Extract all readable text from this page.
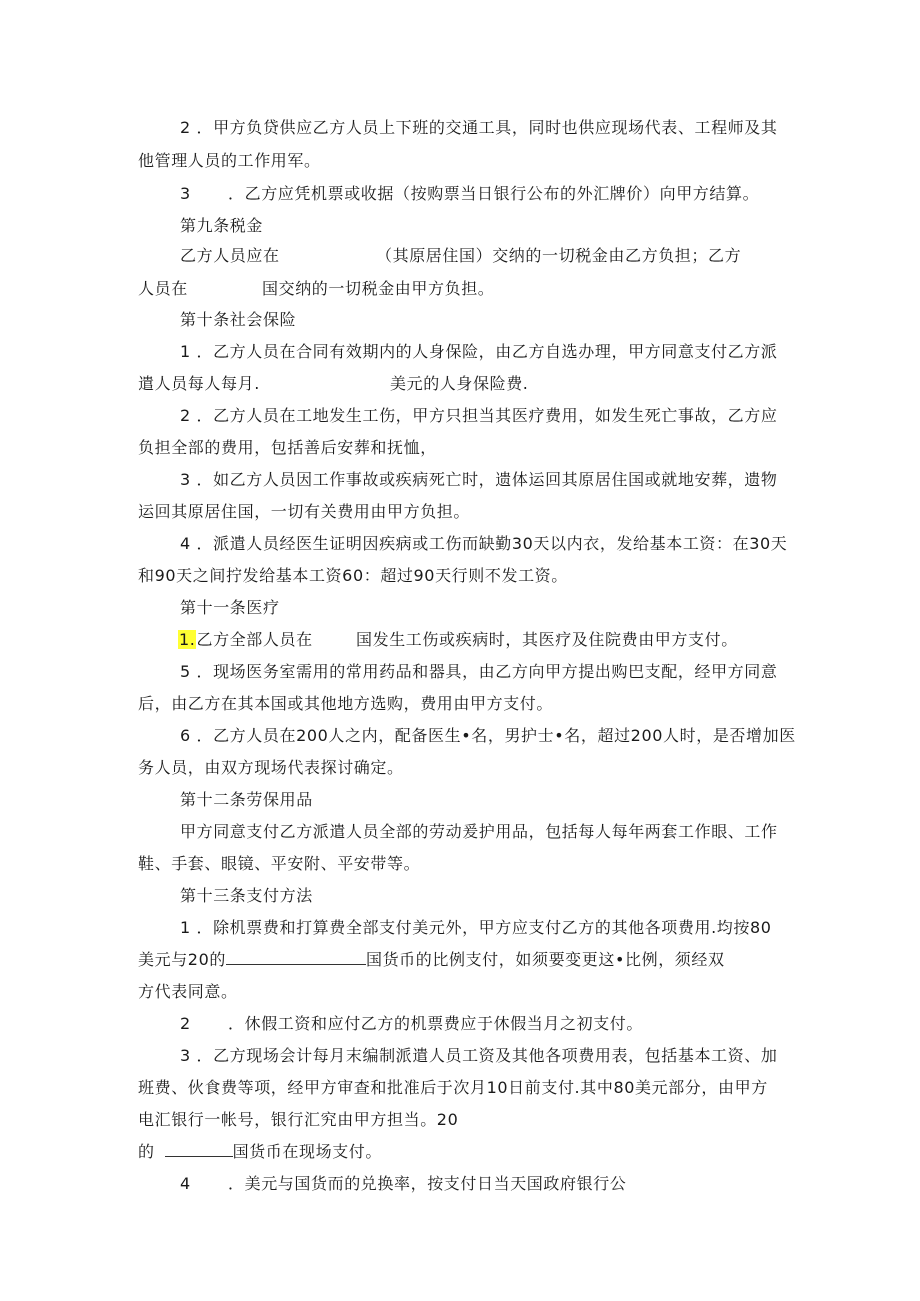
2 ．甲方负贷供应乙方人员上下班的交通工具，同时也供应现场代表、工程师及其
他管理人员的工作用军。
3 ．乙方应凭机票或收据（按购票当日银行公布的外汇牌价）向甲方结算。
第九条税金
乙方人员应在	（其原居住国）交纳的一切税金由乙方负担；乙方
人员在	国交纳的一切税金由甲方负担。
第十条社会保险
1 ．乙方人员在合同有效期内的人身保险，由乙方自选办理，甲方同意支付乙方派
遣人员每人每月.	美元的人身保险费.
2 ．乙方人员在工地发生工伤，甲方只担当其医疗费用，如发生死亡事故，乙方应
负担全部的费用，包括善后安葬和抚恤，
3 ．如乙方人员因工作事故或疾病死亡时，遗体运回其原居住国或就地安葬，遗物
运回其原居住国，一切有关费用由甲方负担。
4 ．派遣人员经医生证明因疾病或工伤而缺勤30天以内衣，发给基本工资：在30天
和90天之间拧发给基本工资60：超过90天行则不发工资。
第十一条医疗
1.乙方全部人员在	国发生工伤或疾病时，其医疗及住院费由甲方支付。
5 ．现场医务室需用的常用药品和器具，由乙方向甲方提出购巴支配，经甲方同意
后，由乙方在其本国或其他地方选购，费用由甲方支付。
6 ．乙方人员在200人之内，配备医生•名，男护士•名，超过200人时，是否增加医
务人员，由双方现场代表探讨确定。
第十二条劳保用品
甲方同意支付乙方派遣人员全部的劳动爰护用品，包括每人每年两套工作眼、工作
鞋、手套、眼镜、平安附、平安带等。
第十三条支付方法
1 ．除机票费和打算费全部支付美元外，甲方应支付乙方的其他各项费用.均按80
美元与20的	国货币的比例支付，如须要变更这•比例，须经双
方代表同意。
2 ．休假工资和应付乙方的机票费应于休假当月之初支付。
3 ．乙方现场会计每月末编制派遣人员工资及其他各项费用表，包括基本工资、加
班费、伙食费等项，经甲方审查和批准后于次月10日前支付.其中80美元部分，由甲方
电汇银行一帐号，银行汇究由甲方担当。20
的	国货币在现场支付。
4 ．美元与国货而的兑换率，按支付日当天国政府银行公
